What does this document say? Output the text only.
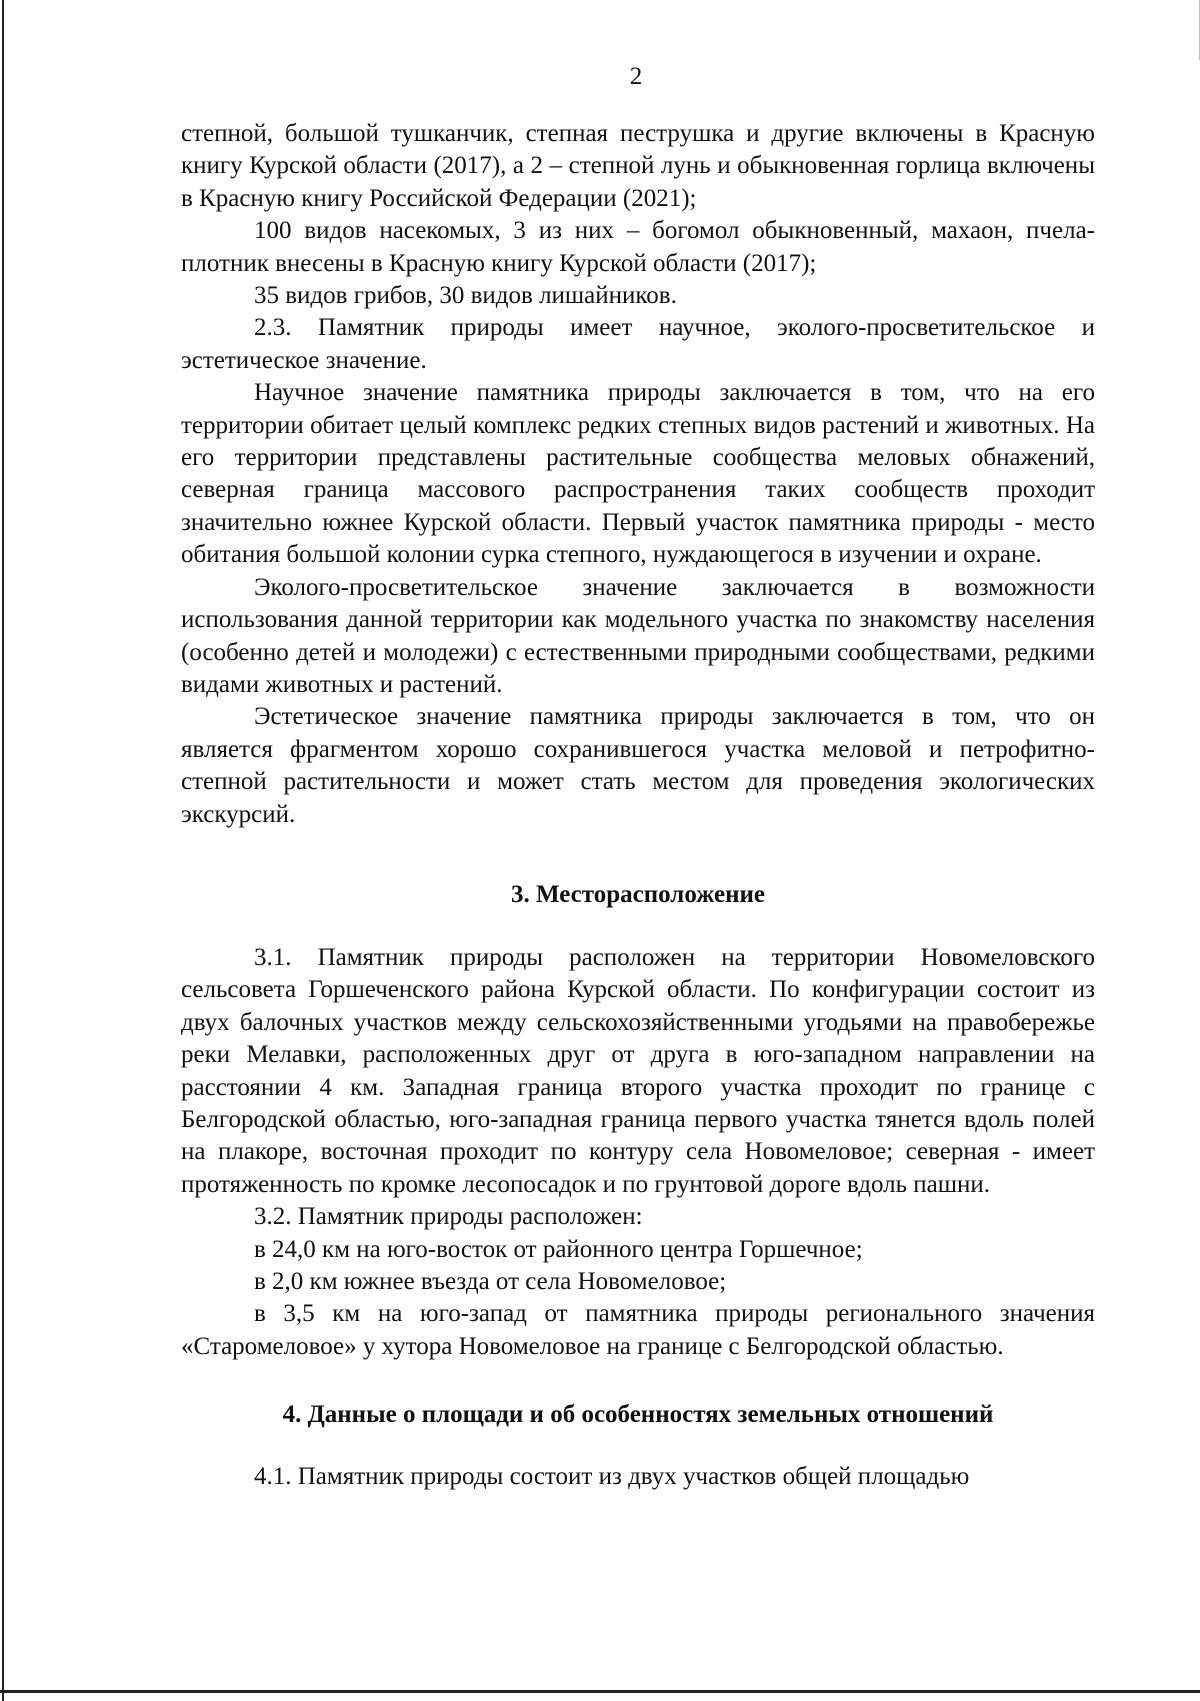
2

степной, большой тушканчик, степная пеструшка и другие включены в Красную книгу Курской области (2017), а 2 – степной лунь и обыкновенная горлица включены в Красную книгу Российской Федерации (2021);

100 видов насекомых, 3 из них – богомол обыкновенный, махаон, пчела-плотник внесены в Красную книгу Курской области (2017);

35 видов грибов, 30 видов лишайников.

2.3. Памятник природы имеет научное, эколого-просветительское и эстетическое значение.

Научное значение памятника природы заключается в том, что на его территории обитает целый комплекс редких степных видов растений и животных. На его территории представлены растительные сообщества меловых обнажений, северная граница массового распространения таких сообществ проходит значительно южнее Курской области. Первый участок памятника природы - место обитания большой колонии сурка степного, нуждающегося в изучении и охране.

Эколого-просветительское значение заключается в возможности использования данной территории как модельного участка по знакомству населения (особенно детей и молодежи) с естественными природными сообществами, редкими видами животных и растений.

Эстетическое значение памятника природы заключается в том, что он является фрагментом хорошо сохранившегося участка меловой и петрофитно-степной растительности и может стать местом для проведения экологических экскурсий.

3. Месторасположение

3.1. Памятник природы расположен на территории Новомеловского сельсовета Горшеченского района Курской области. По конфигурации состоит из двух балочных участков между сельскохозяйственными угодьями на правобережье реки Мелавки, расположенных друг от друга в юго-западном направлении на расстоянии 4 км. Западная граница второго участка проходит по границе с Белгородской областью, юго-западная граница первого участка тянется вдоль полей на плакоре, восточная проходит по контуру села Новомеловое; северная - имеет протяженность по кромке лесопосадок и по грунтовой дороге вдоль пашни.

3.2. Памятник природы расположен:

в 24,0 км на юго-восток от районного центра Горшечное;

в 2,0 км южнее въезда от села Новомеловое;

в 3,5 км на юго-запад от памятника природы регионального значения «Старомеловое» у хутора Новомеловое на границе с Белгородской областью.

4. Данные о площади и об особенностях земельных отношений

4.1. Памятник природы состоит из двух участков общей площадью
